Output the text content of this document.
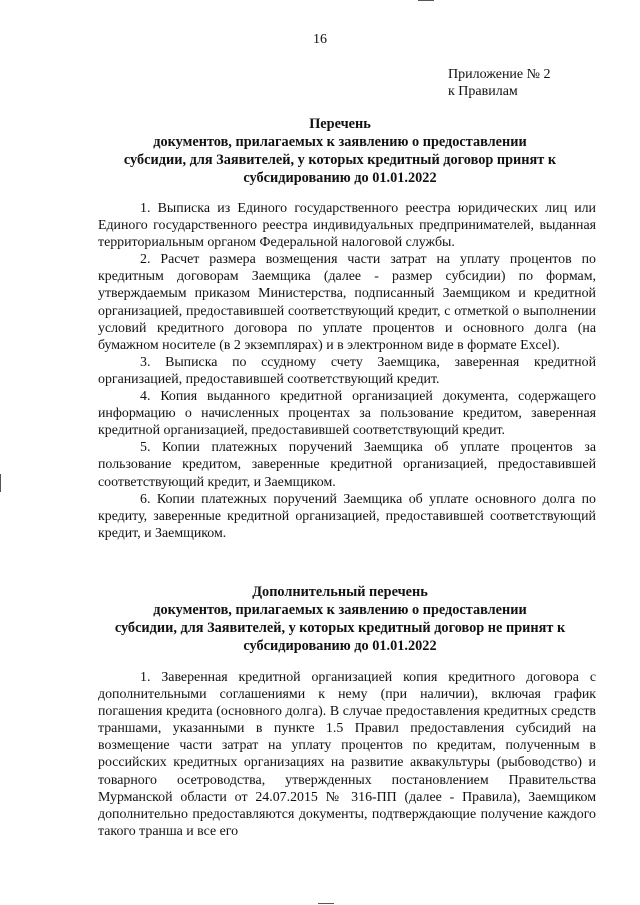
16
Приложение № 2
к Правилам
Перечень
документов, прилагаемых к заявлению о предоставлении
субсидии, для Заявителей, у которых кредитный договор принят к
субсидированию до 01.01.2022

1. Выписка из Единого государственного реестра юридических лиц или Единого государственного реестра индивидуальных предпринимателей, выданная территориальным органом Федеральной налоговой службы.

2. Расчет размера возмещения части затрат на уплату процентов по кредитным договорам Заемщика (далее - размер субсидии) по формам, утверждаемым приказом Министерства, подписанный Заемщиком и кредитной организацией, предоставившей соответствующий кредит, с отметкой о выполнении условий кредитного договора по уплате процентов и основного долга (на бумажном носителе (в 2 экземплярах) и в электронном виде в формате Excel).

3. Выписка по ссудному счету Заемщика, заверенная кредитной организацией, предоставившей соответствующий кредит.

4. Копия выданного кредитной организацией документа, содержащего информацию о начисленных процентах за пользование кредитом, заверенная кредитной организацией, предоставившей соответствующий кредит.

5. Копии платежных поручений Заемщика об уплате процентов за пользование кредитом, заверенные кредитной организацией, предоставившей соответствующий кредит, и Заемщиком.

6. Копии платежных поручений Заемщика об уплате основного долга по кредиту, заверенные кредитной организацией, предоставившей соответствующий кредит, и Заемщиком.

Дополнительный перечень
документов, прилагаемых к заявлению о предоставлении
субсидии, для Заявителей, у которых кредитный договор не принят к
субсидированию до 01.01.2022

1. Заверенная кредитной организацией копия кредитного договора с дополнительными соглашениями к нему (при наличии), включая график погашения кредита (основного долга). В случае предоставления кредитных средств траншами, указанными в пункте 1.5 Правил предоставления субсидий на возмещение части затрат на уплату процентов по кредитам, полученным в российских кредитных организациях на развитие аквакультуры (рыбоводство) и товарного осетроводства, утвержденных постановлением Правительства Мурманской области от 24.07.2015 № 316-ПП (далее - Правила), Заемщиком дополнительно предоставляются документы, подтверждающие получение каждого такого транша и все его
